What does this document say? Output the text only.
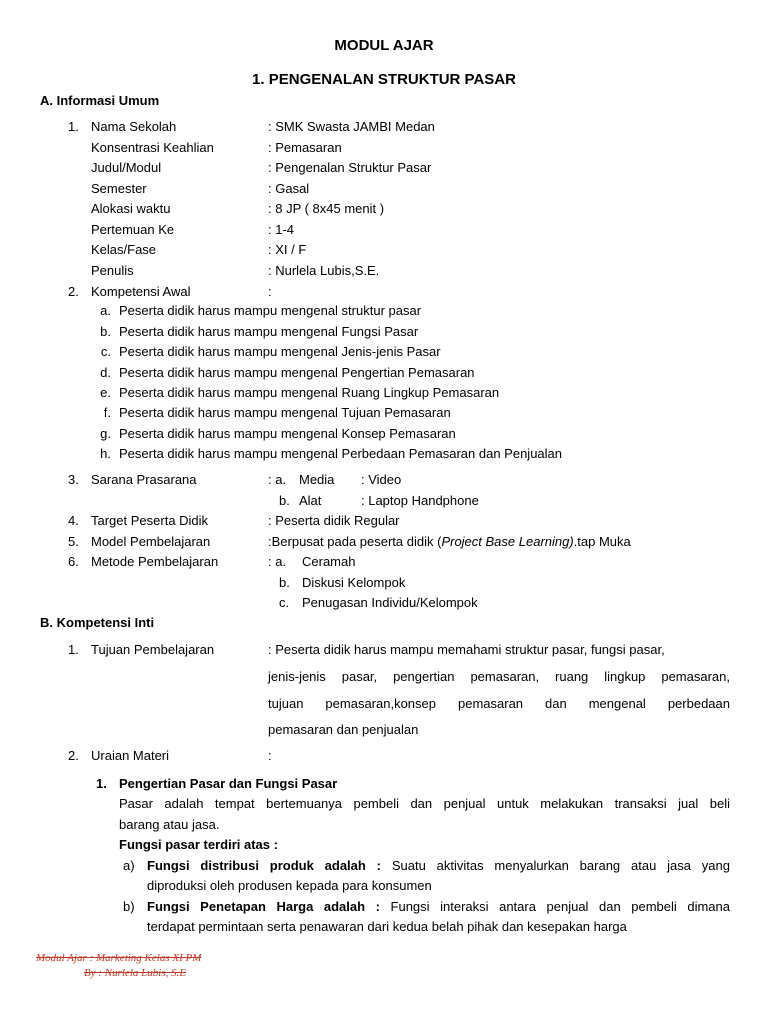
MODUL AJAR
1. PENGENALAN STRUKTUR PASAR
A. Informasi Umum
1. Nama Sekolah	: SMK Swasta JAMBI Medan
Konsentrasi Keahlian	: Pemasaran
Judul/Modul	: Pengenalan Struktur Pasar
Semester	: Gasal
Alokasi waktu	: 8 JP ( 8x45 menit )
Pertemuan Ke	: 1-4
Kelas/Fase	: XI / F
Penulis	: Nurlela Lubis,S.E.
2. Kompetensi Awal	:
a. Peserta didik harus mampu mengenal struktur pasar
b. Peserta didik harus mampu mengenal Fungsi Pasar
c. Peserta didik harus mampu mengenal Jenis-jenis Pasar
d. Peserta didik harus mampu mengenal Pengertian Pemasaran
e. Peserta didik harus mampu mengenal Ruang Lingkup Pemasaran
f. Peserta didik harus mampu mengenal Tujuan Pemasaran
g. Peserta didik harus mampu mengenal Konsep Pemasaran
h. Peserta didik harus mampu mengenal Perbedaan Pemasaran dan Penjualan
3. Sarana Prasarana	: a. Media : Video
b. Alat	: Laptop Handphone
4. Target Peserta Didik	: Peserta didik Regular
5. Model Pembelajaran	:Berpusat pada peserta didik (Project Base Learning).tap Muka
6. Metode Pembelajaran	: a. Ceramah
b. Diskusi Kelompok
c. Penugasan Individu/Kelompok
B. Kompetensi Inti
1. Tujuan Pembelajaran	: Peserta didik harus mampu memahami struktur pasar, fungsi pasar,
jenis-jenis pasar, pengertian pemasaran, ruang lingkup pemasaran,
tujuan pemasaran,konsep pemasaran dan mengenal perbedaan
pemasaran dan penjualan
2. Uraian Materi	:
1. Pengertian Pasar dan Fungsi Pasar
Pasar adalah tempat bertemuanya pembeli dan penjual untuk melakukan transaksi jual beli
barang atau jasa.
Fungsi pasar terdiri atas :
a) Fungsi distribusi produk adalah : Suatu aktivitas menyalurkan barang atau jasa yang
diproduksi oleh produsen kepada para konsumen
b) Fungsi Penetapan Harga adalah : Fungsi interaksi antara penjual dan pembeli dimana
terdapat permintaan serta penawaran dari kedua belah pihak dan kesepakan harga
Modul Ajar : Marketing Kelas XI PM
By : Nurlela Lubis, S.E
